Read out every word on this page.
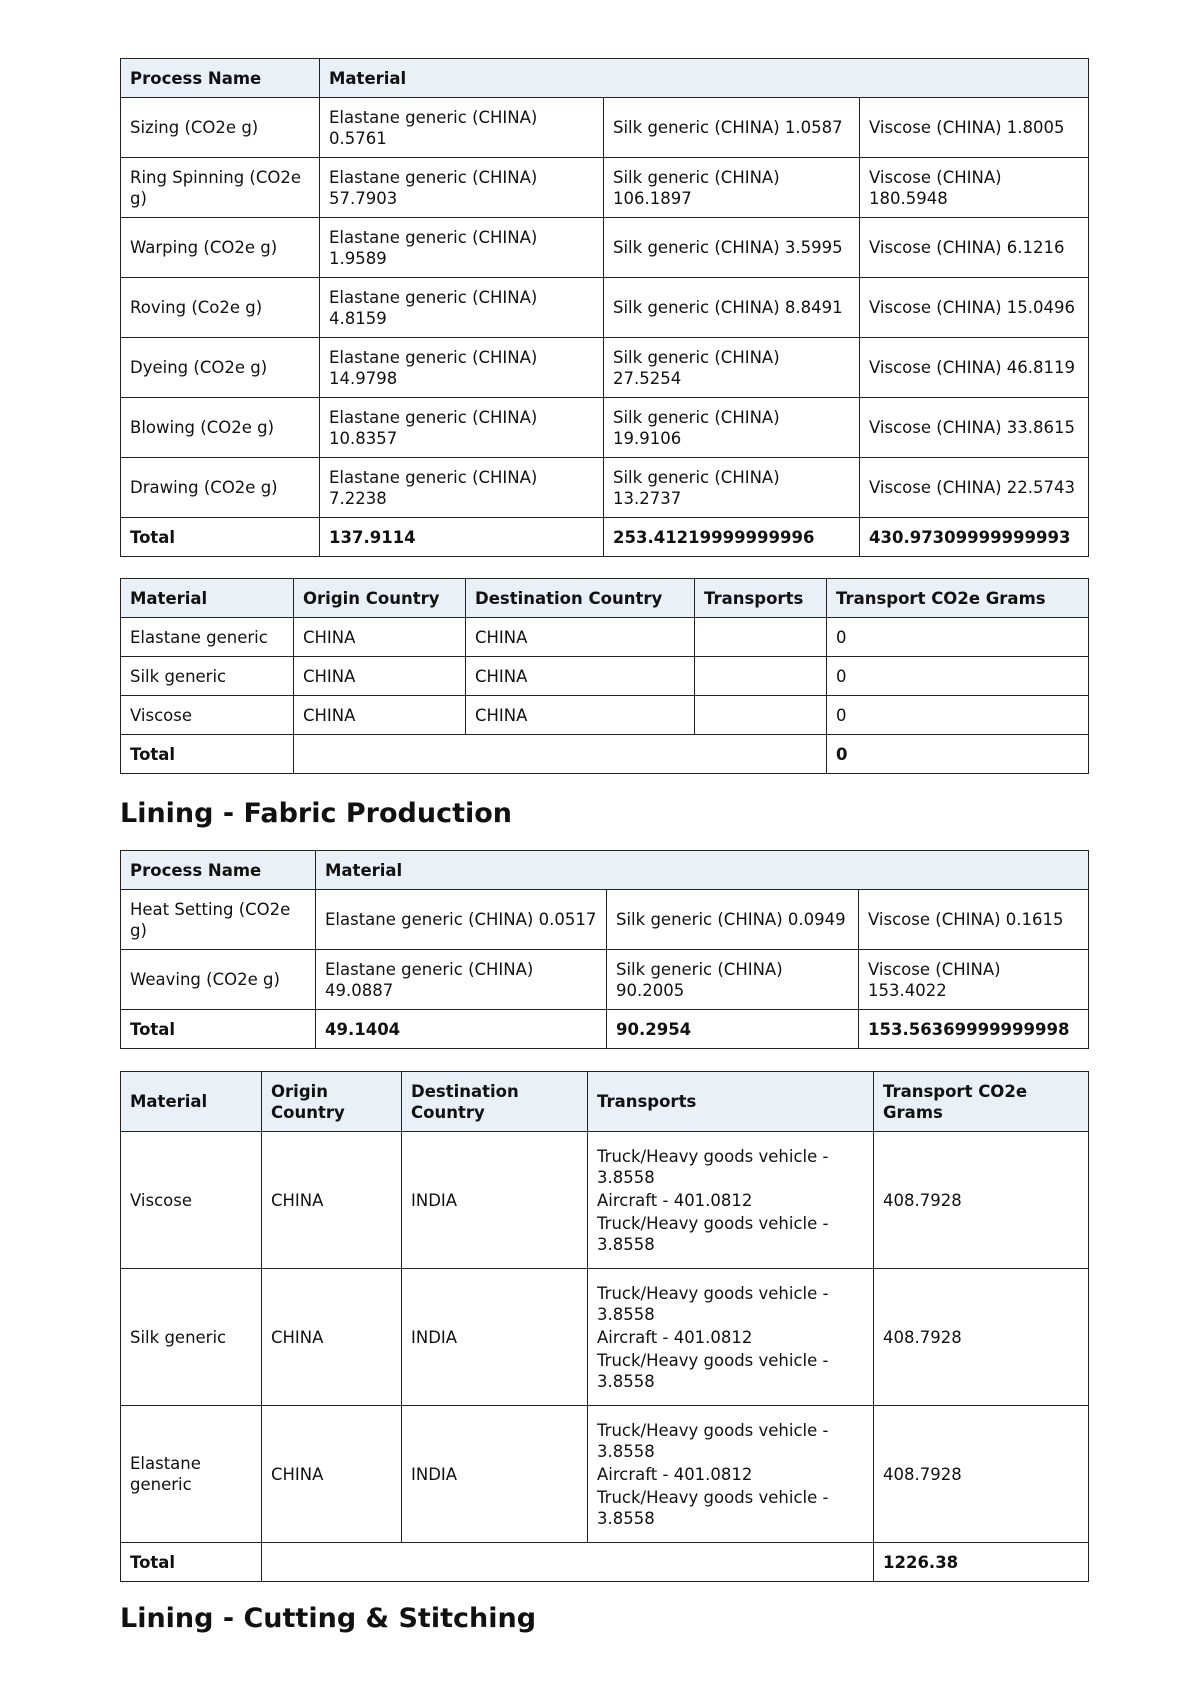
Process Name	Material		
Sizing (CO2e g)	Elastane generic (CHINA) 0.5761	Silk generic (CHINA) 1.0587	Viscose (CHINA) 1.8005
Ring Spinning (CO2e g)	Elastane generic (CHINA) 57.7903	Silk generic (CHINA) 106.1897	Viscose (CHINA) 180.5948
Warping (CO2e g)	Elastane generic (CHINA) 1.9589	Silk generic (CHINA) 3.5995	Viscose (CHINA) 6.1216
Roving (Co2e g)	Elastane generic (CHINA) 4.8159	Silk generic (CHINA) 8.8491	Viscose (CHINA) 15.0496
Dyeing (CO2e g)	Elastane generic (CHINA) 14.9798	Silk generic (CHINA) 27.5254	Viscose (CHINA) 46.8119
Blowing (CO2e g)	Elastane generic (CHINA) 10.8357	Silk generic (CHINA) 19.9106	Viscose (CHINA) 33.8615
Drawing (CO2e g)	Elastane generic (CHINA) 7.2238	Silk generic (CHINA) 13.2737	Viscose (CHINA) 22.5743
Total	137.9114	253.41219999999996	430.97309999999993
Material	Origin Country	Destination Country	Transports	Transport CO2e Grams
Elastane generic	CHINA	CHINA		0
Silk generic	CHINA	CHINA		0
Viscose	CHINA	CHINA		0
Total				0
Lining - Fabric Production
Process Name	Material		
Heat Setting (CO2e g)	Elastane generic (CHINA) 0.0517	Silk generic (CHINA) 0.0949	Viscose (CHINA) 0.1615
Weaving (CO2e g)	Elastane generic (CHINA) 49.0887	Silk generic (CHINA) 90.2005	Viscose (CHINA) 153.4022
Total	49.1404	90.2954	153.56369999999998
Material	Origin Country	Destination Country	Transports	Transport CO2e Grams
Viscose	CHINA	INDIA	Truck/Heavy goods vehicle - 3.8558
Aircraft - 401.0812
Truck/Heavy goods vehicle - 3.8558	408.7928
Silk generic	CHINA	INDIA	Truck/Heavy goods vehicle - 3.8558
Aircraft - 401.0812
Truck/Heavy goods vehicle - 3.8558	408.7928
Elastane generic	CHINA	INDIA	Truck/Heavy goods vehicle - 3.8558
Aircraft - 401.0812
Truck/Heavy goods vehicle - 3.8558	408.7928
Total				1226.38
Lining - Cutting & Stitching
